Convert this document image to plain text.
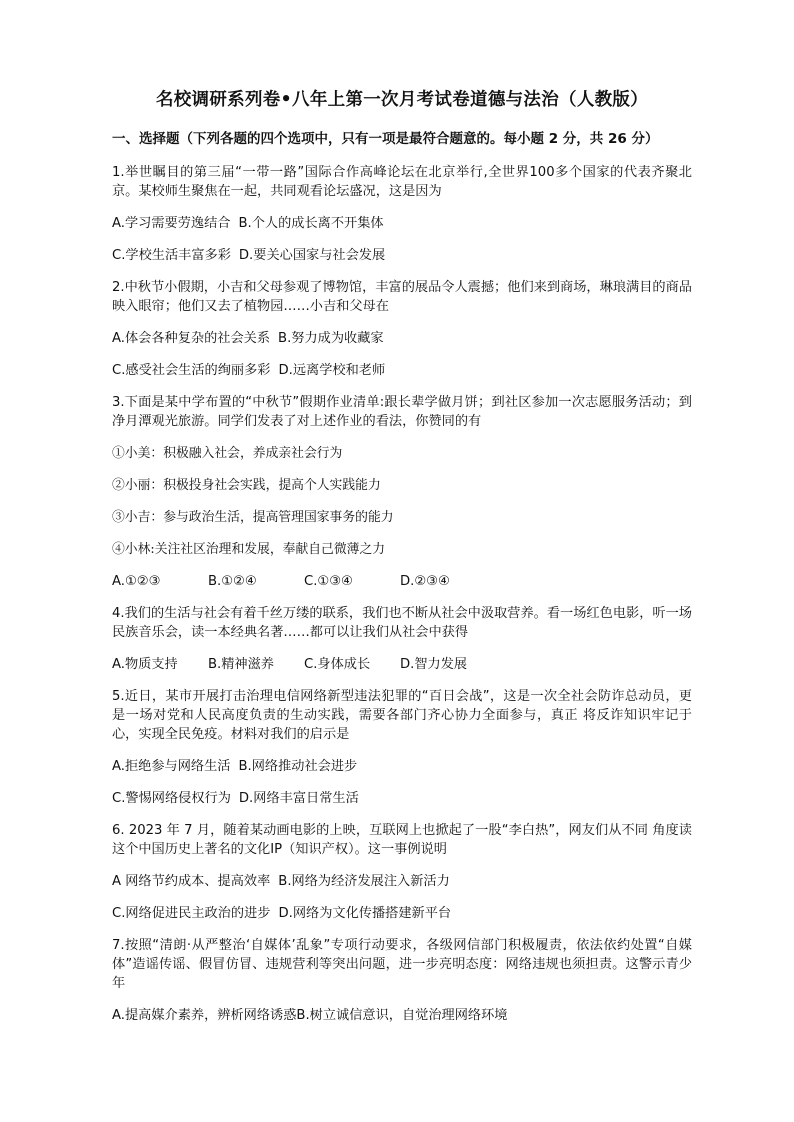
名校调研系列卷•八年上第一次月考试卷道德与法治（人教版）
一、选择题（下列各题的四个选项中，只有一项是最符合题意的。每小题 2 分，共 26 分）
1.举世瞩目的第三届“一带一路”国际合作高峰论坛在北京举行,全世界100多个国家的代表齐聚北京。某校师生聚焦在一起，共同观看论坛盛况，这是因为
A.学习需要劳逸结合 B.个人的成长离不开集体
C.学校生活丰富多彩 D.要关心国家与社会发展
2.中秋节小假期，小吉和父母参观了博物馆，丰富的展品令人震撼；他们来到商场，琳琅满目的商品映入眼帘；他们又去了植物园……小吉和父母在
A.体会各种复杂的社会关系 B.努力成为收藏家
C.感受社会生活的绚丽多彩 D.远离学校和老师
3.下面是某中学布置的“中秋节”假期作业清单:跟长辈学做月饼；到社区参加一次志愿服务活动；到净月潭观光旅游。同学们发表了对上述作业的看法，你赞同的有
①小美：积极融入社会，养成亲社会行为
②小丽：积极投身社会实践，提高个人实践能力
③小吉：参与政治生活，提高管理国家事务的能力
④小林:关注社区治理和发展，奉献自己微薄之力
A.①②③	B.①②④	C.①③④	D.②③④
4.我们的生活与社会有着千丝万缕的联系，我们也不断从社会中汲取营养。看一场红色电影，听一场民族音乐会，读一本经典名著……都可以让我们从社会中获得
A.物质支持 B.精神滋养 C.身体成长 D.智力发展
5.近日，某市开展打击治理电信网络新型违法犯罪的“百日会战”，这是一次全社会防诈总动员，更是一场对党和人民高度负责的生动实践，需要各部门齐心协力全面参与，真正 将反诈知识牢记于心，实现全民免疫。材料对我们的启示是
A.拒绝参与网络生活 B.网络推动社会进步
C.警惕网络侵权行为 D.网络丰富日常生活
6. 2023 年 7 月，随着某动画电影的上映，互联网上也掀起了一股“李白热”，网友们从不同 角度读这个中国历史上著名的文化IP（知识产权）。这一事例说明
A 网络节约成本、提高效率 B.网络为经济发展注入新活力
C.网络促进民主政治的进步 D.网络为文化传播搭建新平台
7.按照“清朗·从严整治‘自媒体’乱象”专项行动要求，各级网信部门积极履责，依法依约处置“自媒体”造谣传谣、假冒仿冒、违规营利等突出问题，进一步亮明态度：网络违规也须担责。这警示青少年
A.提高媒介素养，辨析网络诱惑B.树立诚信意识，自觉治理网络环境
